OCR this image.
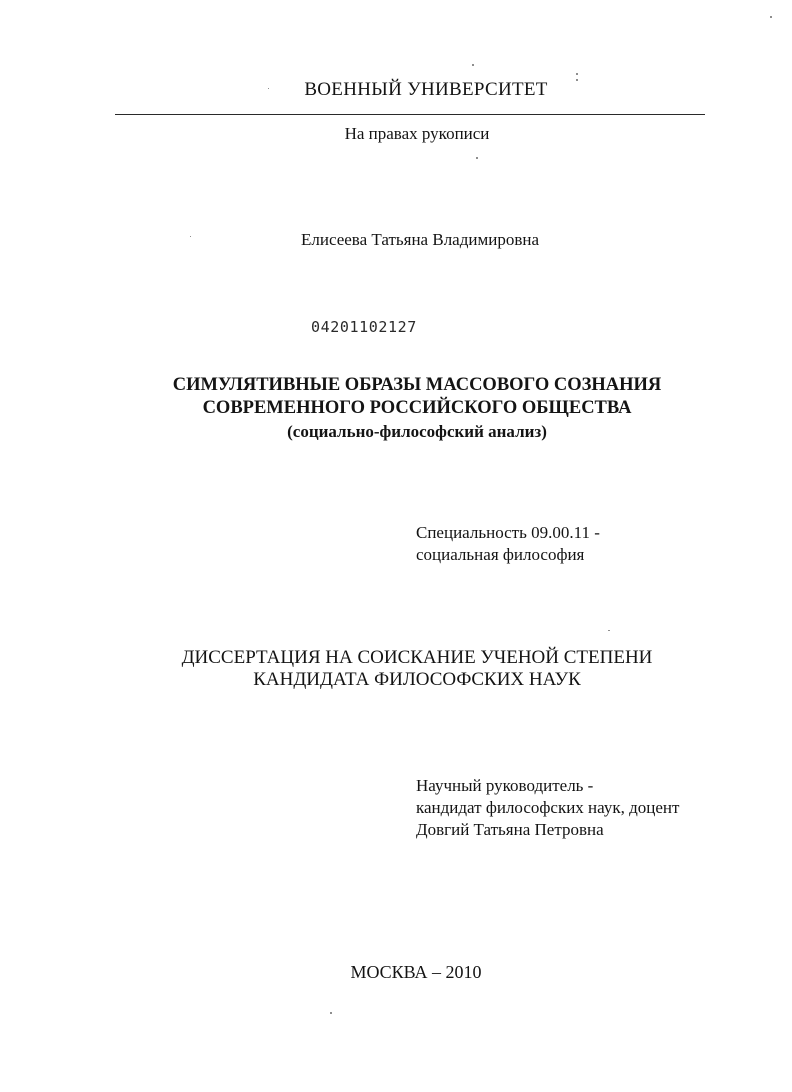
ВОЕННЫЙ УНИВЕРСИТЕТ
На правах рукописи
Елисеева Татьяна Владимировна
04201102127
СИМУЛЯТИВНЫЕ ОБРАЗЫ МАССОВОГО СОЗНАНИЯ
СОВРЕМЕННОГО РОССИЙСКОГО ОБЩЕСТВА
(социально-философский анализ)
Специальность 09.00.11 -
социальная философия
ДИССЕРТАЦИЯ НА СОИСКАНИЕ УЧЕНОЙ СТЕПЕНИ
КАНДИДАТА ФИЛОСОФСКИХ НАУК
Научный руководитель -
кандидат философских наук, доцент
Довгий Татьяна Петровна
МОСКВА – 2010
